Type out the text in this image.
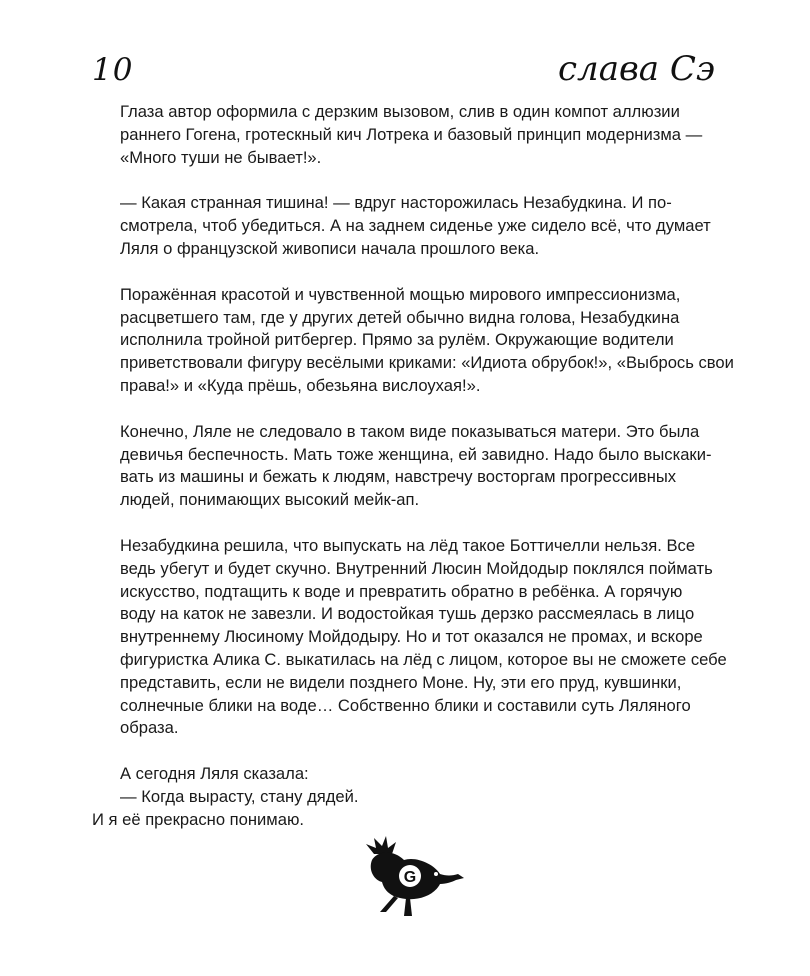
10	слава Сэ

Глаза автор оформила с дерзким вызовом, слив в один компот аллюзии
раннего Гогена, гротескный кич Лотрека и базовый принцип модернизма —
«Много туши не бывает!».

— Какая странная тишина! — вдруг насторожилась Незабудкина. И по-
смотрела, чтоб убедиться. А на заднем сиденье уже сидело всё, что думает
Ляля о французской живописи начала прошлого века.

Поражённая красотой и чувственной мощью мирового импрессионизма,
расцветшего там, где у других детей обычно видна голова, Незабудкина
исполнила тройной ритбергер. Прямо за рулём. Окружающие водители
приветствовали фигуру весёлыми криками: «Идиота обрубок!», «Выбрось свои
права!» и «Куда прёшь, обезьяна вислоухая!».

Конечно, Ляле не следовало в таком виде показываться матери. Это была
девичья беспечность. Мать тоже женщина, ей завидно. Надо было выскаки-
вать из машины и бежать к людям, навстречу восторгам прогрессивных
людей, понимающих высокий мейк-ап.

Незабудкина решила, что выпускать на лёд такое Боттичелли нельзя. Все
ведь убегут и будет скучно. Внутренний Люсин Мойдодыр поклялся поймать
искусство, подтащить к воде и превратить обратно в ребёнка. А горячую
воду на каток не завезли. И водостойкая тушь дерзко рассмеялась в лицо
внутреннему Люсиному Мойдодыру. Но и тот оказался не промах, и вскоре
фигуристка Алика С. выкатилась на лёд с лицом, которое вы не сможете себе
представить, если не видели позднего Моне. Ну, эти его пруд, кувшинки,
солнечные блики на воде… Собственно блики и составили суть Ляляного
образа.

А сегодня Ляля сказала:
— Когда вырасту, стану дядей.
И я её прекрасно понимаю.

G
